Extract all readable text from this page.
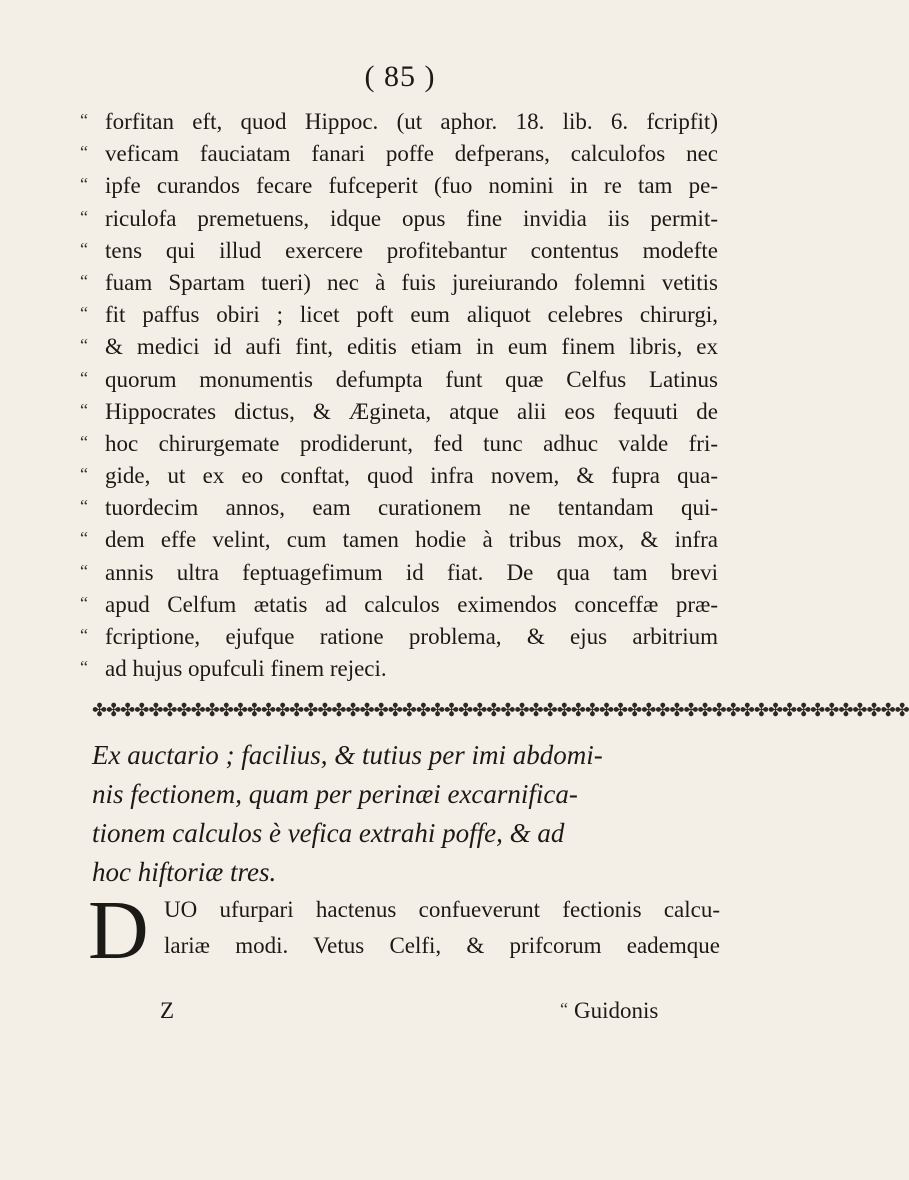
( 85 )
“ forfitan eft, quod Hippoc. (ut aphor. 18. lib. 6. fcripfit)
“ veficam fauciatam fanari poffe defperans, calculofos nec
“ ipfe curandos fecare fufceperit (fuo nomini in re tam pe-
“ riculofa premetuens, idque opus fine invidia iis permit-
“ tens qui illud exercere profitebantur contentus modefte
“ fuam Spartam tueri) nec à fuis jureiurando folemni vetitis
“ fit paffus obiri ; licet poft eum aliquot celebres chirurgi,
“ & medici id aufi fint, editis etiam in eum finem libris, ex
“ quorum monumentis defumpta funt quæ Celfus Latinus
“ Hippocrates dictus, & Ægineta, atque alii eos fequuti de
“ hoc chirurgemate prodiderunt, fed tunc adhuc valde fri-
“ gide, ut ex eo conftat, quod infra novem, & fupra qua-
“ tuordecim annos, eam curationem ne tentandam qui-
“ dem effe velint, cum tamen hodie à tribus mox, & infra
“ annis ultra feptuagefimum id fiat. De qua tam brevi
“ apud Celfum ætatis ad calculos eximendos conceffæ præ-
“ fcriptione, ejufque ratione problema, & ejus arbitrium
“ ad hujus opufculi finem rejeci.
✤✤✤✤✤✤✤✤✤✤✤✤✤✤✤✤✤✤✤✤✤✤✤✤✤✤✤✤✤✤✤✤✤✤✤✤✤✤✤✤✤✤✤✤✤✤✤✤✤✤✤✤✤✤✤✤✤✤
Ex auctario ; facilius, & tutius per imi abdomi-
nis fectionem, quam per perinæi excarnifica-
tionem calculos è vefica extrahi poffe, & ad
hoc hiftoriæ tres.
D UO ufurpari hactenus confueverunt fectionis calcu-
lariæ modi. Vetus Celfi, & prifcorum eademque
Z	“ Guidonis
